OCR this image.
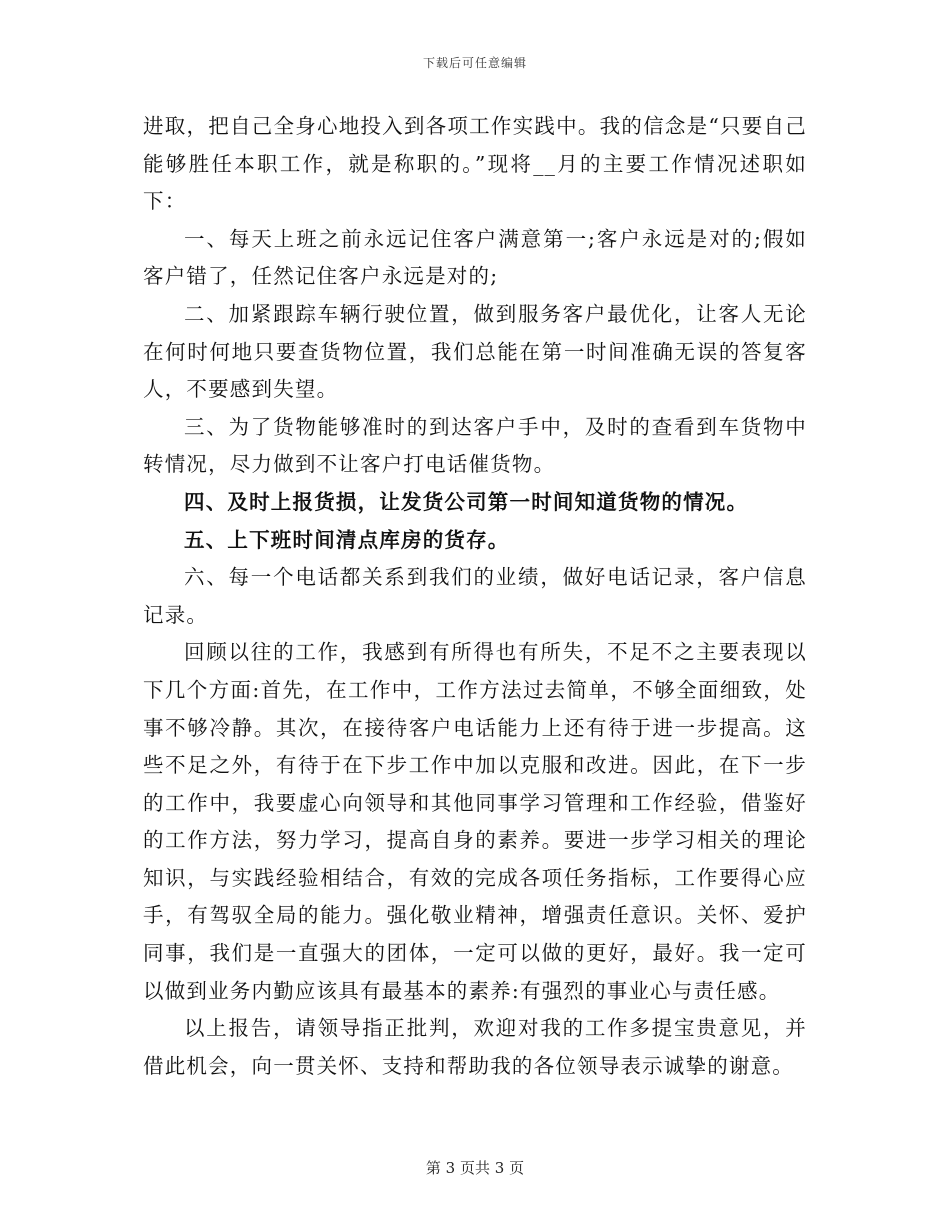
下载后可任意编辑

进取，把自己全身心地投入到各项工作实践中。我的信念是“只要自己能够胜任本职工作，就是称职的。”现将__月的主要工作情况述职如下：

一、每天上班之前永远记住客户满意第一;客户永远是对的;假如客户错了，任然记住客户永远是对的;

二、加紧跟踪车辆行驶位置，做到服务客户最优化，让客人无论在何时何地只要查货物位置，我们总能在第一时间准确无误的答复客人，不要感到失望。

三、为了货物能够准时的到达客户手中，及时的查看到车货物中转情况，尽力做到不让客户打电话催货物。

四、及时上报货损，让发货公司第一时间知道货物的情况。

五、上下班时间清点库房的货存。

六、每一个电话都关系到我们的业绩，做好电话记录，客户信息记录。

回顾以往的工作，我感到有所得也有所失，不足不之主要表现以下几个方面:首先，在工作中，工作方法过去简单，不够全面细致，处事不够冷静。其次，在接待客户电话能力上还有待于进一步提高。这些不足之外，有待于在下步工作中加以克服和改进。因此，在下一步的工作中，我要虚心向领导和其他同事学习管理和工作经验，借鉴好的工作方法，努力学习，提高自身的素养。要进一步学习相关的理论知识，与实践经验相结合，有效的完成各项任务指标，工作要得心应手，有驾驭全局的能力。强化敬业精神，增强责任意识。关怀、爱护同事，我们是一直强大的团体，一定可以做的更好，最好。我一定可以做到业务内勤应该具有最基本的素养:有强烈的事业心与责任感。

以上报告，请领导指正批判，欢迎对我的工作多提宝贵意见，并借此机会，向一贯关怀、支持和帮助我的各位领导表示诚挚的谢意。

第 3 页共 3 页
